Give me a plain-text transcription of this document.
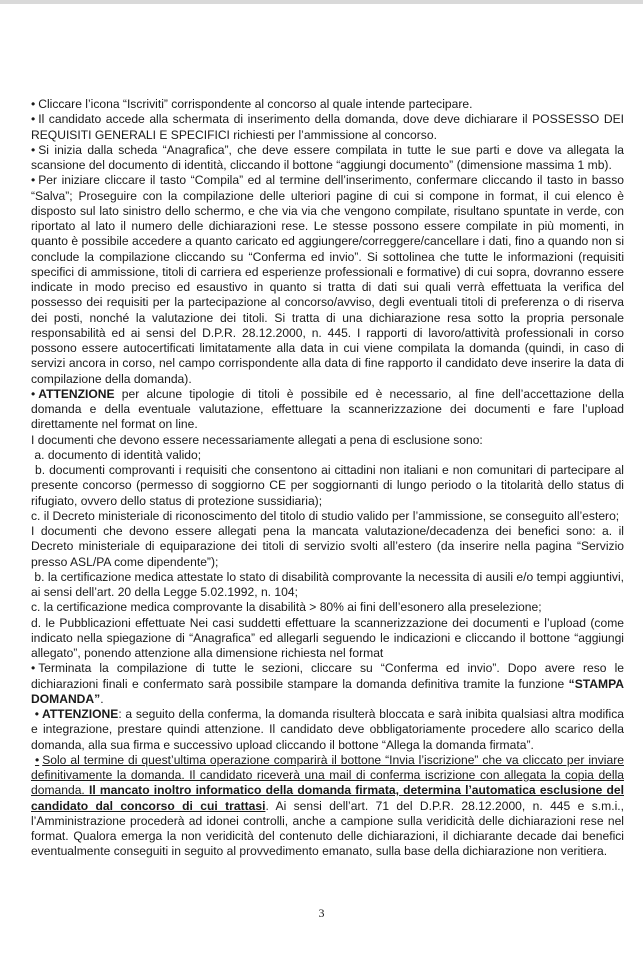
• Cliccare l’icona “Iscriviti” corrispondente al concorso al quale intende partecipare.

• Il candidato accede alla schermata di inserimento della domanda, dove deve dichiarare il POSSESSO DEI REQUISITI GENERALI E SPECIFICI richiesti per l’ammissione al concorso.

• Si inizia dalla scheda “Anagrafica”, che deve essere compilata in tutte le sue parti e dove va allegata la scansione del documento di identità, cliccando il bottone “aggiungi documento” (dimensione massima 1 mb).

• Per iniziare cliccare il tasto “Compila” ed al termine dell’inserimento, confermare cliccando il tasto in basso “Salva”; Proseguire con la compilazione delle ulteriori pagine di cui si compone in format, il cui elenco è disposto sul lato sinistro dello schermo, e che via via che vengono compilate, risultano spuntate in verde, con riportato al lato il numero delle dichiarazioni rese. Le stesse possono essere compilate in più momenti, in quanto è possibile accedere a quanto caricato ed aggiungere/correggere/cancellare i dati, fino a quando non si conclude la compilazione cliccando su “Conferma ed invio”. Si sottolinea che tutte le informazioni (requisiti specifici di ammissione, titoli di carriera ed esperienze professionali e formative) di cui sopra, dovranno essere indicate in modo preciso ed esaustivo in quanto si tratta di dati sui quali verrà effettuata la verifica del possesso dei requisiti per la partecipazione al concorso/avviso, degli eventuali titoli di preferenza o di riserva dei posti, nonché la valutazione dei titoli. Si tratta di una dichiarazione resa sotto la propria personale responsabilità ed ai sensi del D.P.R. 28.12.2000, n. 445. I rapporti di lavoro/attività professionali in corso possono essere autocertificati limitatamente alla data in cui viene compilata la domanda (quindi, in caso di servizi ancora in corso, nel campo corrispondente alla data di fine rapporto il candidato deve inserire la data di compilazione della domanda).

• ATTENZIONE per alcune tipologie di titoli è possibile ed è necessario, al fine dell’accettazione della domanda e della eventuale valutazione, effettuare la scannerizzazione dei documenti e fare l’upload direttamente nel format on line.

I documenti che devono essere necessariamente allegati a pena di esclusione sono:

a. documento di identità valido;

b. documenti comprovanti i requisiti che consentono ai cittadini non italiani e non comunitari di partecipare al presente concorso (permesso di soggiorno CE per soggiornanti di lungo periodo o la titolarità dello status di rifugiato, ovvero dello status di protezione sussidiaria);

c. il Decreto ministeriale di riconoscimento del titolo di studio valido per l’ammissione, se conseguito all’estero;

I documenti che devono essere allegati pena la mancata valutazione/decadenza dei benefici sono: a. il Decreto ministeriale di equiparazione dei titoli di servizio svolti all’estero (da inserire nella pagina “Servizio presso ASL/PA come dipendente”);

b. la certificazione medica attestate lo stato di disabilità comprovante la necessita di ausili e/o tempi aggiuntivi, ai sensi dell’art. 20 della Legge 5.02.1992, n. 104;

c. la certificazione medica comprovante la disabilità > 80% ai fini dell’esonero alla preselezione;

d. le Pubblicazioni effettuate Nei casi suddetti effettuare la scannerizzazione dei documenti e l’upload (come indicato nella spiegazione di “Anagrafica” ed allegarli seguendo le indicazioni e cliccando il bottone “aggiungi allegato”, ponendo attenzione alla dimensione richiesta nel format

• Terminata la compilazione di tutte le sezioni, cliccare su “Conferma ed invio”. Dopo avere reso le dichiarazioni finali e confermato sarà possibile stampare la domanda definitiva tramite la funzione “STAMPA DOMANDA”.

• ATTENZIONE: a seguito della conferma, la domanda risulterà bloccata e sarà inibita qualsiasi altra modifica e integrazione, prestare quindi attenzione. Il candidato deve obbligatoriamente procedere allo scarico della domanda, alla sua firma e successivo upload cliccando il bottone “Allega la domanda firmata”.

• Solo al termine di quest’ultima operazione comparirà il bottone “Invia l’iscrizione” che va cliccato per inviare definitivamente la domanda. Il candidato riceverà una mail di conferma iscrizione con allegata la copia della domanda. Il mancato inoltro informatico della domanda firmata, determina l’automatica esclusione del candidato dal concorso di cui trattasi. Ai sensi dell’art. 71 del D.P.R. 28.12.2000, n. 445 e s.m.i., l’Amministrazione procederà ad idonei controlli, anche a campione sulla veridicità delle dichiarazioni rese nel format. Qualora emerga la non veridicità del contenuto delle dichiarazioni, il dichiarante decade dai benefici eventualmente conseguiti in seguito al provvedimento emanato, sulla base della dichiarazione non veritiera.

3
